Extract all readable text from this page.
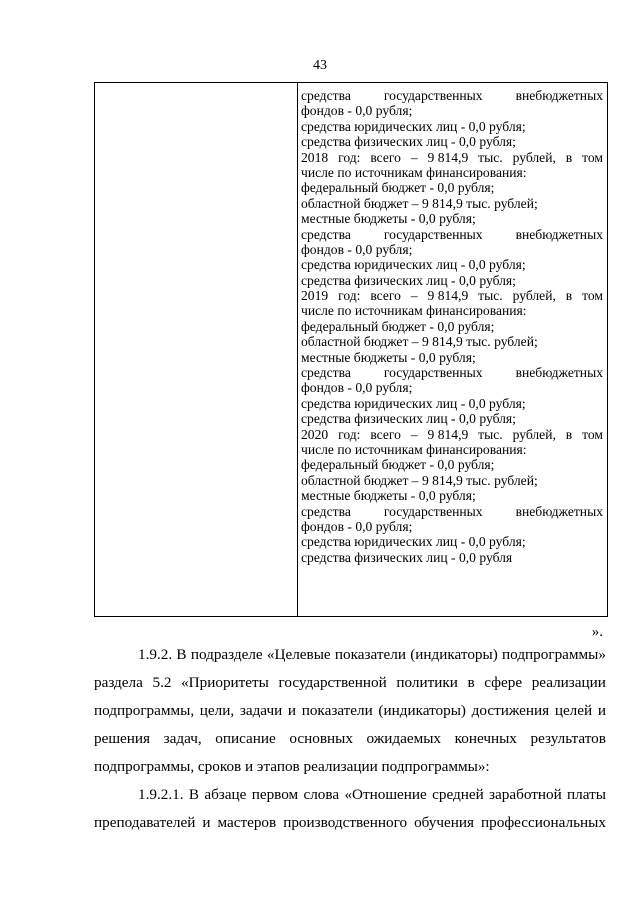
43
средства государственных внебюджетных
фондов - 0,0 рубля;
средства юридических лиц - 0,0 рубля;
средства физических лиц - 0,0 рубля;
2018 год: всего – 9 814,9 тыс. рублей, в том
числе по источникам финансирования:
федеральный бюджет - 0,0 рубля;
областной бюджет – 9 814,9 тыс. рублей;
местные бюджеты - 0,0 рубля;
средства государственных внебюджетных
фондов - 0,0 рубля;
средства юридических лиц - 0,0 рубля;
средства физических лиц - 0,0 рубля;
2019 год: всего – 9 814,9 тыс. рублей, в том
числе по источникам финансирования:
федеральный бюджет - 0,0 рубля;
областной бюджет – 9 814,9 тыс. рублей;
местные бюджеты - 0,0 рубля;
средства государственных внебюджетных
фондов - 0,0 рубля;
средства юридических лиц - 0,0 рубля;
средства физических лиц - 0,0 рубля;
2020 год: всего – 9 814,9 тыс. рублей, в том
числе по источникам финансирования:
федеральный бюджет - 0,0 рубля;
областной бюджет – 9 814,9 тыс. рублей;
местные бюджеты - 0,0 рубля;
средства государственных внебюджетных
фондов - 0,0 рубля;
средства юридических лиц - 0,0 рубля;
средства физических лиц - 0,0 рубля
».
1.9.2. В подразделе «Целевые показатели (индикаторы) подпрограммы»
раздела 5.2 «Приоритеты государственной политики в сфере реализации
подпрограммы, цели, задачи и показатели (индикаторы) достижения целей и
решения задач, описание основных ожидаемых конечных результатов
подпрограммы, сроков и этапов реализации подпрограммы»:
1.9.2.1. В абзаце первом слова «Отношение средней заработной платы
преподавателей и мастеров производственного обучения профессиональных
